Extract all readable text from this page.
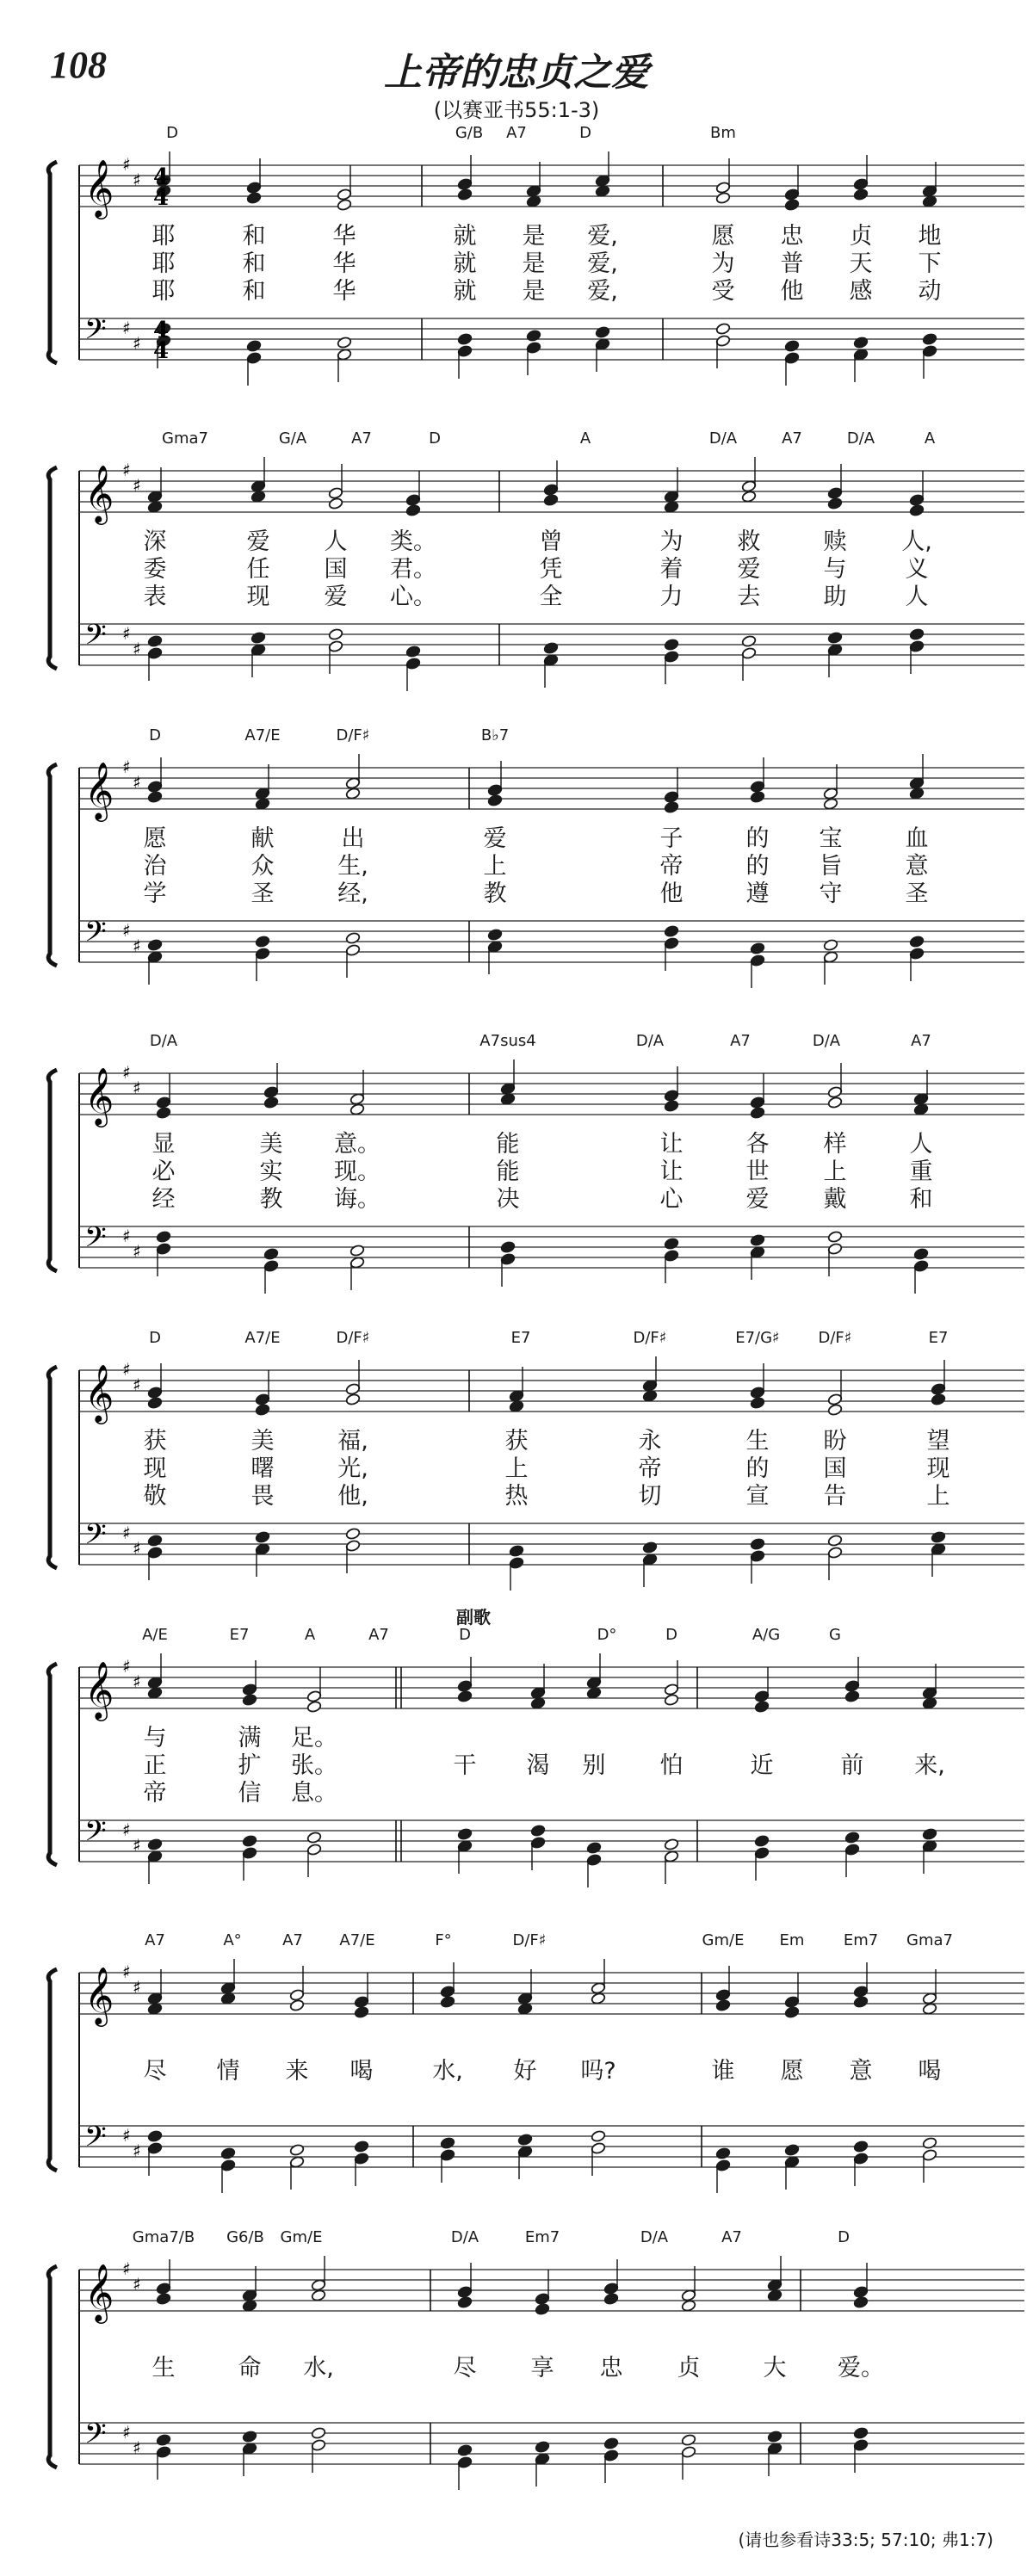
108	上帝的忠贞之爱
(以赛亚书55:1-3)
𝄞
𝄢
♯
♯
♯
♯
4
4
4
4
D	G/B A7	D	Bm
耶	和	华	就 是 爱,	愿 忠 贞 地
耶	和	华	就 是 爱,	为 普 天 下
耶	和	华	就 是 爱,	受 他 感 动
𝄞
𝄢
♯
♯
♯
♯
Gma7	G/A	A7	D	A	D/A	A7	D/A	A
深	爱 人 类。	曾	为 救	赎 人,
委	任 国 君。	凭	着 爱	与	义
表	现 爱 心。	全	力 去	助	人
𝄞
𝄢
♯
♯
♯
♯
D	A7/E	D/F♯	B♭7
愿	献	出	爱	子	的 宝	血
治	众	生,	上	帝	的 旨	意
学	圣	经,	教	他	遵 守	圣
𝄞
𝄢
♯
♯
♯
♯
D/A	A7sus4	D/A	A7	D/A	A7
显	美 意。	能	让	各 样	人
必	实 现。	能	让	世 上	重
经	教 诲。	决	心	爱 戴	和
𝄞
𝄢
♯
♯
♯
♯
D	A7/E	D/F♯	E7	D/F♯	E7/G♯ D/F♯	E7
获	美	福,	获	永	生 盼	望
现	曙	光,	上	帝	的 国	现
敬	畏	他,	热	切	宣 告	上
𝄞
𝄢
♯
♯
♯
♯
A/E	E7	A	A7	D	D°	D	A/G	G
副歌
与	满 足。
正	扩 张。	干 渴 别 怕	近	前 来,
帝	信 息。
𝄞
𝄢
♯
♯
♯
♯
A7	A°	A7 A7/E	F°	D/F♯	Gm/E Em	Em7 Gma7
尽 情 来 喝	水, 好 吗?	谁 愿 意 喝
𝄞
𝄢
♯
♯
♯
♯
Gma7/B G6/B Gm/E	D/A	Em7	D/A	A7	D
生	命 水,	尽 享 忠 贞	大 爱。
(请也参看诗33:5; 57:10; 弗1:7)
